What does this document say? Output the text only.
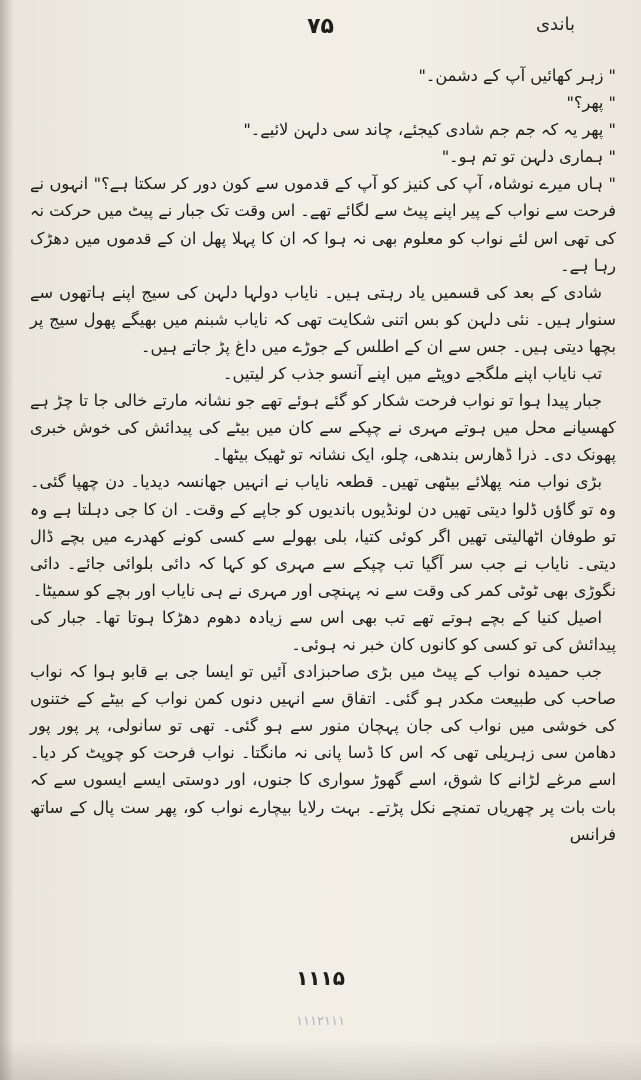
باندی
۷۵

" زہر کھائیں آپ کے دشمن۔"

" پھر؟"

" پھر یہ کہ جم جم شادی کیجئے، چاند سی دلہن لائیے۔"

" ہماری دلہن تو تم ہو۔"

" ہاں میرے نوشاہ، آپ کی کنیز کو آپ کے قدموں سے کون دور کر سکتا ہے؟" انہوں نے فرحت سے نواب کے پیر اپنے پیٹ سے لگائے تھے۔ اس وقت تک جبار نے پیٹ میں حرکت نہ کی تھی اس لئے نواب کو معلوم بھی نہ ہوا کہ ان کا پہلا پھل ان کے قدموں میں دھڑک رہا ہے۔

شادی کے بعد کی قسمیں یاد رہتی ہیں۔ نایاب دولہا دلہن کی سیج اپنے ہاتھوں سے سنوار ہیں۔ نئی دلہن کو بس اتنی شکایت تھی کہ نایاب شبنم میں بھیگے پھول سیج پر بچھا دیتی ہیں۔ جس سے ان کے اطلس کے جوڑے میں داغ پڑ جاتے ہیں۔

تب نایاب اپنے ملگجے دوپٹے میں اپنے آنسو جذب کر لیتیں۔

جبار پیدا ہوا تو نواب فرحت شکار کو گئے ہوئے تھے جو نشانہ مارتے خالی جا تا چڑ ہے کھسیانے محل میں ہوتے مہری نے چپکے سے کان میں بیٹے کی پیدائش کی خوش خبری پھونک دی۔ ذرا ڈھارس بندھی، چلو، ایک نشانہ تو ٹھیک بیٹھا۔

بڑی نواب منہ پھلائے بیٹھی تھیں۔ قطعہ نایاب نے انہیں جھانسہ دیدیا۔ دن چھپا گئی۔ وہ تو گاؤں ڈلوا دیتی تھیں دن لونڈیوں باندیوں کو جاپے کے وقت۔ ان کا جی دہلتا ہے وہ تو طوفان اٹھالیتی تھیں اگر کوئی کتیا، بلی بھولے سے کسی کونے کھدرے میں بچے ڈال دیتی۔ نایاب نے جب سر آگیا تب چپکے سے مہری کو کہا کہ دائی بلوائی جائے۔ دائی نگوڑی بھی ٹوٹی کمر کی وقت سے نہ پہنچی اور مہری نے ہی نایاب اور بچے کو سمیٹا۔

اصیل کنیا کے بچے ہوتے تھے تب بھی اس سے زیادہ دھوم دھڑکا ہوتا تھا۔ جبار کی پیدائش کی تو کسی کو کانوں کان خبر نہ ہوئی۔

جب حمیدہ نواب کے پیٹ میں بڑی صاحبزادی آئیں تو ایسا جی بے قابو ہوا کہ نواب صاحب کی طبیعت مکدر ہو گئی۔ اتفاق سے انہیں دنوں کمن نواب کے بیٹے کے ختنوں کی خوشی میں نواب کی جان پہچان منور سے ہو گئی۔ تھی تو سانولی، پر پور پور دھامن سی زہریلی تھی کہ اس کا ڈسا پانی نہ مانگتا۔ نواب فرحت کو چوپٹ کر دیا۔ اسے مرغے لڑانے کا شوق، اسے گھوڑ سواری کا جنوں، اور دوستی ایسے ایسوں سے کہ بات بات پر چھریاں تمنچے نکل پڑتے۔ بہت رلایا بیچارے نواب کو، پھر ست پال کے ساتھ فرانس

۱۱۱۵
۱۱۱۲۱۱۱
